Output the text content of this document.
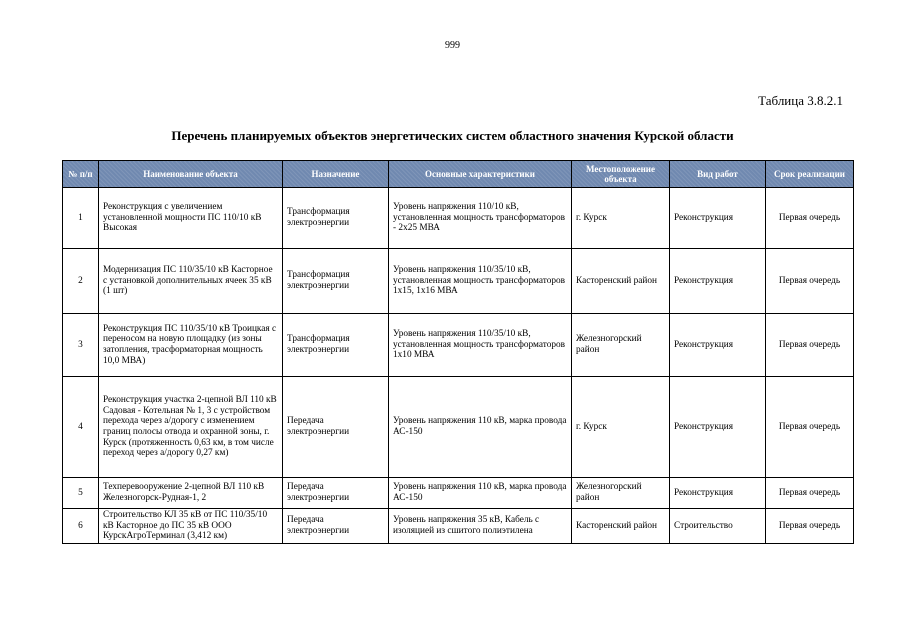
999
Таблица 3.8.2.1
Перечень планируемых объектов энергетических систем областного значения Курской области
№ п/п	Наименование объекта	Назначение	Основные характеристики	Местоположение объекта	Вид работ	Срок реализации
1	Реконструкция с увеличением установленной мощности ПС 110/10 кВ Высокая	Трансформация электроэнергии	Уровень напряжения 110/10 кВ, установленная мощность трансформаторов - 2х25 МВА	г. Курск	Реконструкция	Первая очередь
2	Модернизация ПС 110/35/10 кВ Касторное с установкой дополнительных ячеек 35 кВ (1 шт)	Трансформация электроэнергии	Уровень напряжения 110/35/10 кВ, установленная мощность трансформаторов 1х15, 1х16 МВА	Касторенский район	Реконструкция	Первая очередь
3	Реконструкция ПС 110/35/10 кВ Троицкая с переносом на новую площадку (из зоны затопления, трасформаторная мощность 10,0 МВА)	Трансформация электроэнергии	Уровень напряжения 110/35/10 кВ, установленная мощность трансформаторов 1х10 МВА	Железногорский район	Реконструкция	Первая очередь
4	Реконструкция участка 2-цепной ВЛ 110 кВ Садовая - Котельная № 1, 3 с устройством перехода через а/дорогу с изменением границ полосы отвода и охранной зоны, г. Курск (протяженность 0,63 км, в том числе переход через а/дорогу 0,27 км)	Передача электроэнергии	Уровень напряжения 110 кВ, марка провода АС-150	г. Курск	Реконструкция	Первая очередь
5	Техперевооружение 2-цепной ВЛ 110 кВ Железногорск-Рудная-1, 2	Передача электроэнергии	Уровень напряжения 110 кВ, марка провода АС-150	Железногорский район	Реконструкция	Первая очередь
6	Строительство КЛ 35 кВ от ПС 110/35/10 кВ Касторное до ПС 35 кВ ООО КурскАгроТерминал (3,412 км)	Передача электроэнергии	Уровень напряжения 35 кВ, Кабель с изоляцией из сшитого полиэтилена	Касторенский район	Строительство	Первая очередь
